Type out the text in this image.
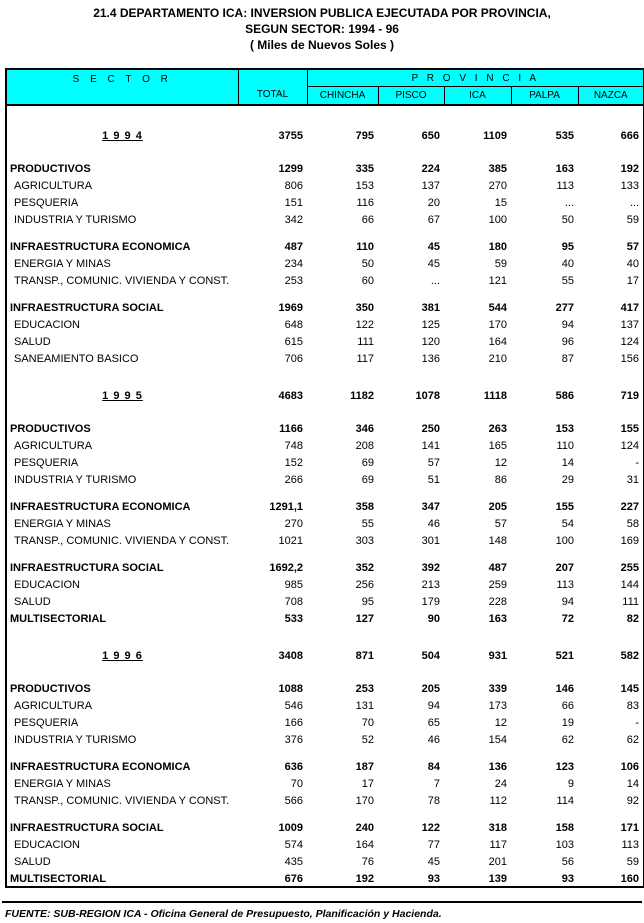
21.4 DEPARTAMENTO ICA: INVERSION PUBLICA EJECUTADA POR PROVINCIA,
SEGUN SECTOR: 1994 - 96
( Miles de Nuevos Soles )
S E C T O R	TOTAL	P R O V I N C I A				
		CHINCHA	PISCO	ICA	PALPA	NAZCA
1 9 9 4	3755	795	650	1109	535	666
PRODUCTIVOS	1299	335	224	385	163	192
AGRICULTURA	806	153	137	270	113	133
PESQUERIA	151	116	20	15	...	...
INDUSTRIA Y TURISMO	342	66	67	100	50	59
INFRAESTRUCTURA ECONOMICA	487	110	45	180	95	57
ENERGIA Y MINAS	234	50	45	59	40	40
TRANSP., COMUNIC. VIVIENDA Y CONST.	253	60	...	121	55	17
INFRAESTRUCTURA SOCIAL	1969	350	381	544	277	417
EDUCACION	648	122	125	170	94	137
SALUD	615	111	120	164	96	124
SANEAMIENTO BASICO	706	117	136	210	87	156
1 9 9 5	4683	1182	1078	1118	586	719
PRODUCTIVOS	1166	346	250	263	153	155
AGRICULTURA	748	208	141	165	110	124
PESQUERIA	152	69	57	12	14	-
INDUSTRIA Y TURISMO	266	69	51	86	29	31
INFRAESTRUCTURA ECONOMICA	1291,1	358	347	205	155	227
ENERGIA Y MINAS	270	55	46	57	54	58
TRANSP., COMUNIC. VIVIENDA Y CONST.	1021	303	301	148	100	169
INFRAESTRUCTURA SOCIAL	1692,2	352	392	487	207	255
EDUCACION	985	256	213	259	113	144
SALUD	708	95	179	228	94	111
MULTISECTORIAL	533	127	90	163	72	82
1 9 9 6	3408	871	504	931	521	582
PRODUCTIVOS	1088	253	205	339	146	145
AGRICULTURA	546	131	94	173	66	83
PESQUERIA	166	70	65	12	19	-
INDUSTRIA Y TURISMO	376	52	46	154	62	62
INFRAESTRUCTURA ECONOMICA	636	187	84	136	123	106
ENERGIA Y MINAS	70	17	7	24	9	14
TRANSP., COMUNIC. VIVIENDA Y CONST.	566	170	78	112	114	92
INFRAESTRUCTURA SOCIAL	1009	240	122	318	158	171
EDUCACION	574	164	77	117	103	113
SALUD	435	76	45	201	56	59
MULTISECTORIAL	676	192	93	139	93	160
FUENTE: SUB-REGION ICA - Oficina General de Presupuesto, Planificación y Hacienda.
